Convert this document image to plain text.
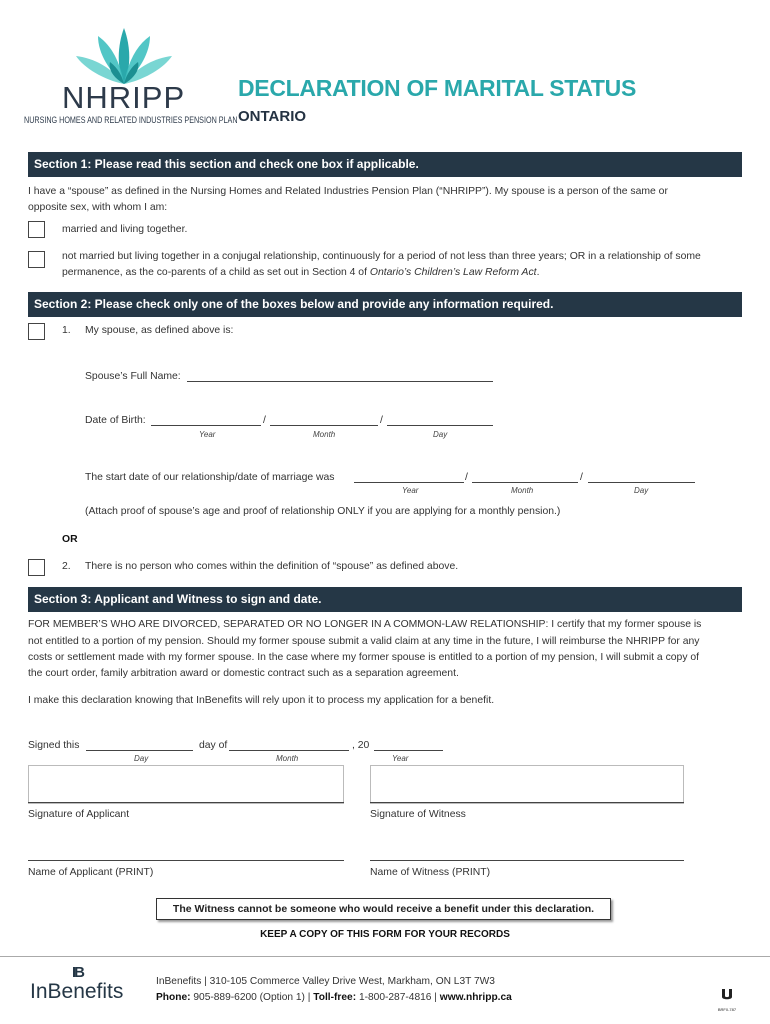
NHRIPP
NURSING HOMES AND RELATED INDUSTRIES PENSION PLAN
DECLARATION OF MARITAL STATUS
ONTARIO
Section 1: Please read this section and check one box if applicable.
I have a “spouse” as defined in the Nursing Homes and Related Industries Pension Plan (“NHRIPP”). My spouse is a person of the same or
opposite sex, with whom I am:
married and living together.
not married but living together in a conjugal relationship, continuously for a period of not less than three years; OR in a relationship of some
permanence, as the co-parents of a child as set out in Section 4 of Ontario’s Children’s Law Reform Act.
Section 2: Please check only one of the boxes below and provide any information required.
1. My spouse, as defined above is:
Spouse’s Full Name:
Date of Birth:	/	/
Year	Month	Day
The start date of our relationship/date of marriage was	/	/
Year	Month	Day
(Attach proof of spouse’s age and proof of relationship ONLY if you are applying for a monthly pension.)
OR
2. There is no person who comes within the definition of “spouse” as defined above.
Section 3: Applicant and Witness to sign and date.
FOR MEMBER’S WHO ARE DIVORCED, SEPARATED OR NO LONGER IN A COMMON-LAW RELATIONSHIP: I certify that my former spouse is
not entitled to a portion of my pension. Should my former spouse submit a valid claim at any time in the future, I will reimburse the NHRIPP for any
costs or settlement made with my former spouse. In the case where my former spouse is entitled to a portion of my pension, I will submit a copy of
the court order, family arbitration award or domestic contract such as a separation agreement.
I make this declaration knowing that InBenefits will rely upon it to process my application for a benefit.
Signed this	day of	, 20
Day	Month	Year
Signature of Applicant	Signature of Witness
Name of Applicant (PRINT)	Name of Witness (PRINT)
The Witness cannot be someone who would receive a benefit under this declaration.
KEEP A COPY OF THIS FORM FOR YOUR RECORDS
IB
InBenefits	InBenefits | 310-105 Commerce Valley Drive West, Markham, ON L3T 7W3
Phone: 905-889-6200 (Option 1) | Toll-free: 1-800-287-4816 | www.nhripp.ca
BRF0-787
